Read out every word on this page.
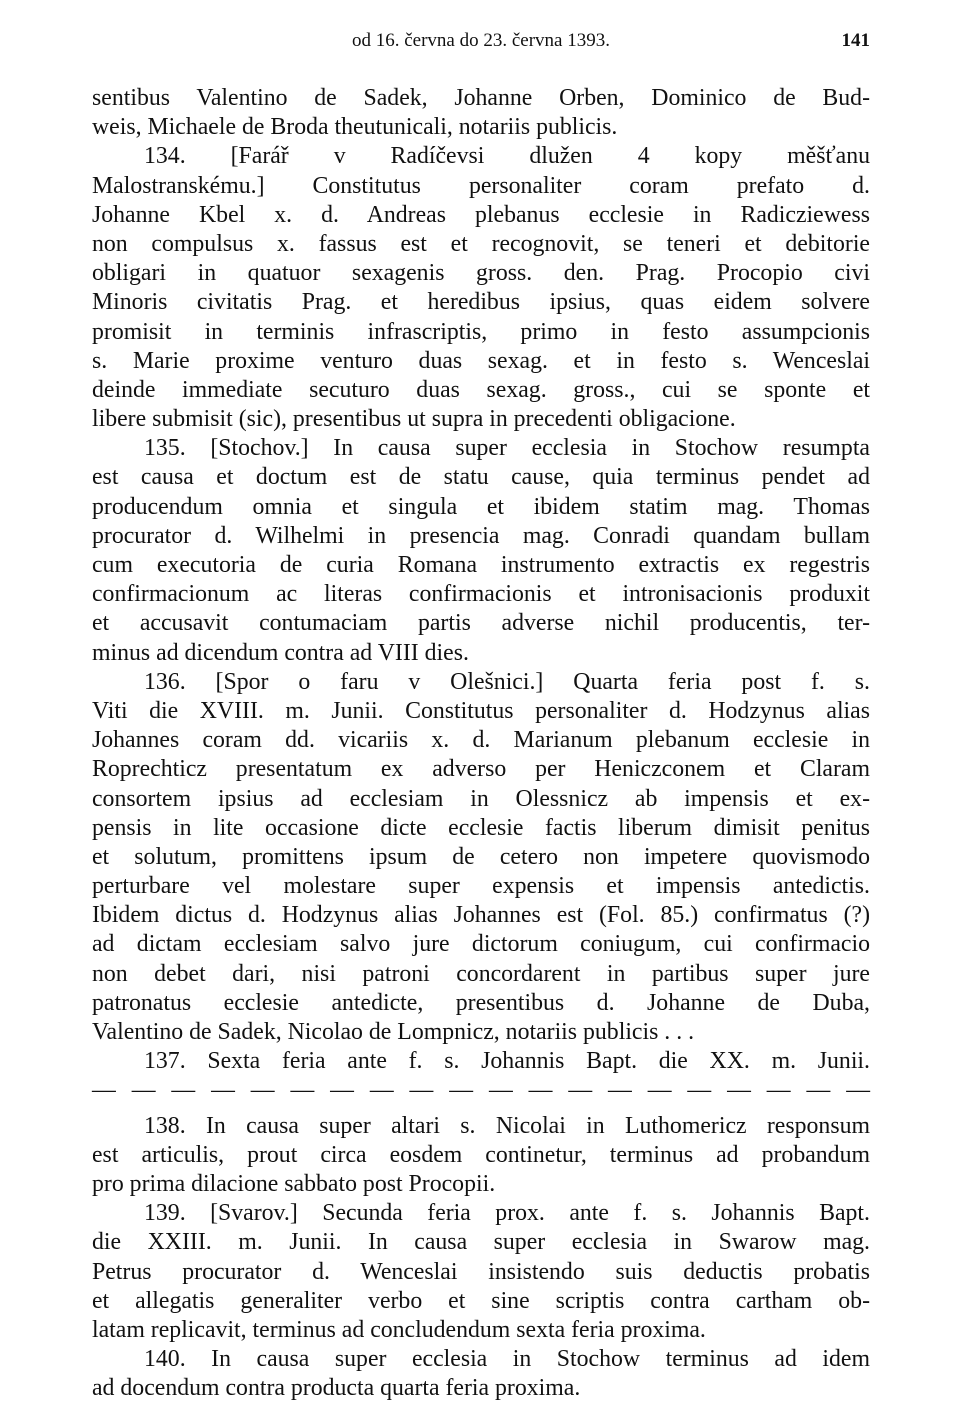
od 16. června do 23. června 1393.	141
sentibus Valentino de Sadek, Johanne Orben, Dominico de Bud-
weis, Michaele de Broda theutunicali, notariis publicis.
134. [Farář v Radíčevsi dlužen 4 kopy měšťanu
Malostranskému.] Constitutus personaliter coram prefato d.
Johanne Kbel x. d. Andreas plebanus ecclesie in Radicziewess
non compulsus x. fassus est et recognovit, se teneri et debitorie
obligari in quatuor sexagenis gross. den. Prag. Procopio civi
Minoris civitatis Prag. et heredibus ipsius, quas eidem solvere
promisit in terminis infrascriptis, primo in festo assumpcionis
s. Marie proxime venturo duas sexag. et in festo s. Wenceslai
deinde immediate secuturo duas sexag. gross., cui se sponte et
libere submisit (sic), presentibus ut supra in precedenti obligacione.
135. [Stochov.] In causa super ecclesia in Stochow resumpta
est causa et doctum est de statu cause, quia terminus pendet ad
producendum omnia et singula et ibidem statim mag. Thomas
procurator d. Wilhelmi in presencia mag. Conradi quandam bullam
cum executoria de curia Romana instrumento extractis ex regestris
confirmacionum ac literas confirmacionis et intronisacionis produxit
et accusavit contumaciam partis adverse nichil producentis, ter-
minus ad dicendum contra ad VIII dies.
136. [Spor o faru v Olešnici.] Quarta feria post f. s.
Viti die XVIII. m. Junii. Constitutus personaliter d. Hodzynus alias
Johannes coram dd. vicariis x. d. Marianum plebanum ecclesie in
Roprechticz presentatum ex adverso per Heniczconem et Claram
consortem ipsius ad ecclesiam in Olessnicz ab impensis et ex-
pensis in lite occasione dicte ecclesie factis liberum dimisit penitus
et solutum, promittens ipsum de cetero non impetere quovismodo
perturbare vel molestare super expensis et impensis antedictis.
Ibidem dictus d. Hodzynus alias Johannes est (Fol. 85.) confirmatus (?)
ad dictam ecclesiam salvo jure dictorum coniugum, cui confirmacio
non debet dari, nisi patroni concordarent in partibus super jure
patronatus ecclesie antedicte, presentibus d. Johanne de Duba,
Valentino de Sadek, Nicolao de Lompnicz, notariis publicis . . .
137. Sexta feria ante f. s. Johannis Bapt. die XX. m. Junii.
— — — — — — — — — — — — — — — — — — — —
138. In causa super altari s. Nicolai in Luthomericz responsum
est articulis, prout circa eosdem continetur, terminus ad probandum
pro prima dilacione sabbato post Procopii.
139. [Svarov.] Secunda feria prox. ante f. s. Johannis Bapt.
die XXIII. m. Junii. In causa super ecclesia in Swarow mag.
Petrus procurator d. Wenceslai insistendo suis deductis probatis
et allegatis generaliter verbo et sine scriptis contra cartham ob-
latam replicavit, terminus ad concludendum sexta feria proxima.
140. In causa super ecclesia in Stochow terminus ad idem
ad docendum contra producta quarta feria proxima.
